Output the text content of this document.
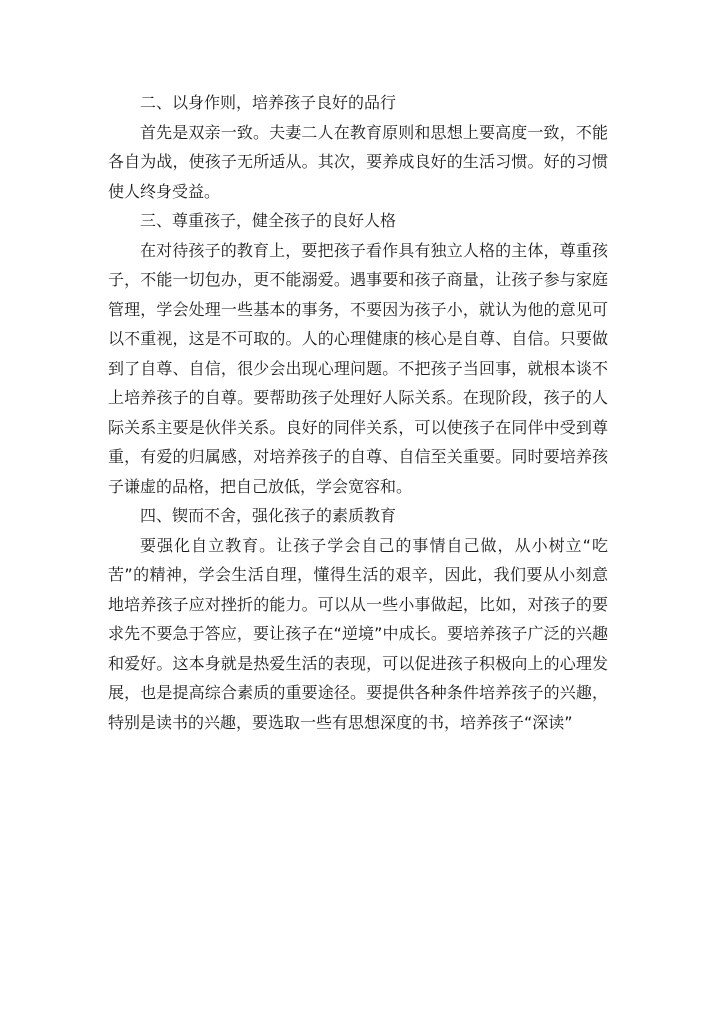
二、以身作则，培养孩子良好的品行

首先是双亲一致。夫妻二人在教育原则和思想上要高度一致，不能各自为战，使孩子无所适从。其次，要养成良好的生活习惯。好的习惯使人终身受益。

三、尊重孩子，健全孩子的良好人格

在对待孩子的教育上，要把孩子看作具有独立人格的主体，尊重孩子，不能一切包办，更不能溺爱。遇事要和孩子商量，让孩子参与家庭管理，学会处理一些基本的事务，不要因为孩子小，就认为他的意见可以不重视，这是不可取的。人的心理健康的核心是自尊、自信。只要做到了自尊、自信，很少会出现心理问题。不把孩子当回事，就根本谈不上培养孩子的自尊。要帮助孩子处理好人际关系。在现阶段，孩子的人际关系主要是伙伴关系。良好的同伴关系，可以使孩子在同伴中受到尊重，有爱的归属感，对培养孩子的自尊、自信至关重要。同时要培养孩子谦虚的品格，把自己放低，学会宽容和。

四、锲而不舍，强化孩子的素质教育

要强化自立教育。让孩子学会自己的事情自己做，从小树立“吃苦”的精神，学会生活自理，懂得生活的艰辛，因此，我们要从小刻意地培养孩子应对挫折的能力。可以从一些小事做起，比如，对孩子的要求先不要急于答应，要让孩子在“逆境”中成长。要培养孩子广泛的兴趣和爱好。这本身就是热爱生活的表现，可以促进孩子积极向上的心理发展，也是提高综合素质的重要途径。要提供各种条件培养孩子的兴趣，特别是读书的兴趣，要选取一些有思想深度的书，培养孩子“深读”
